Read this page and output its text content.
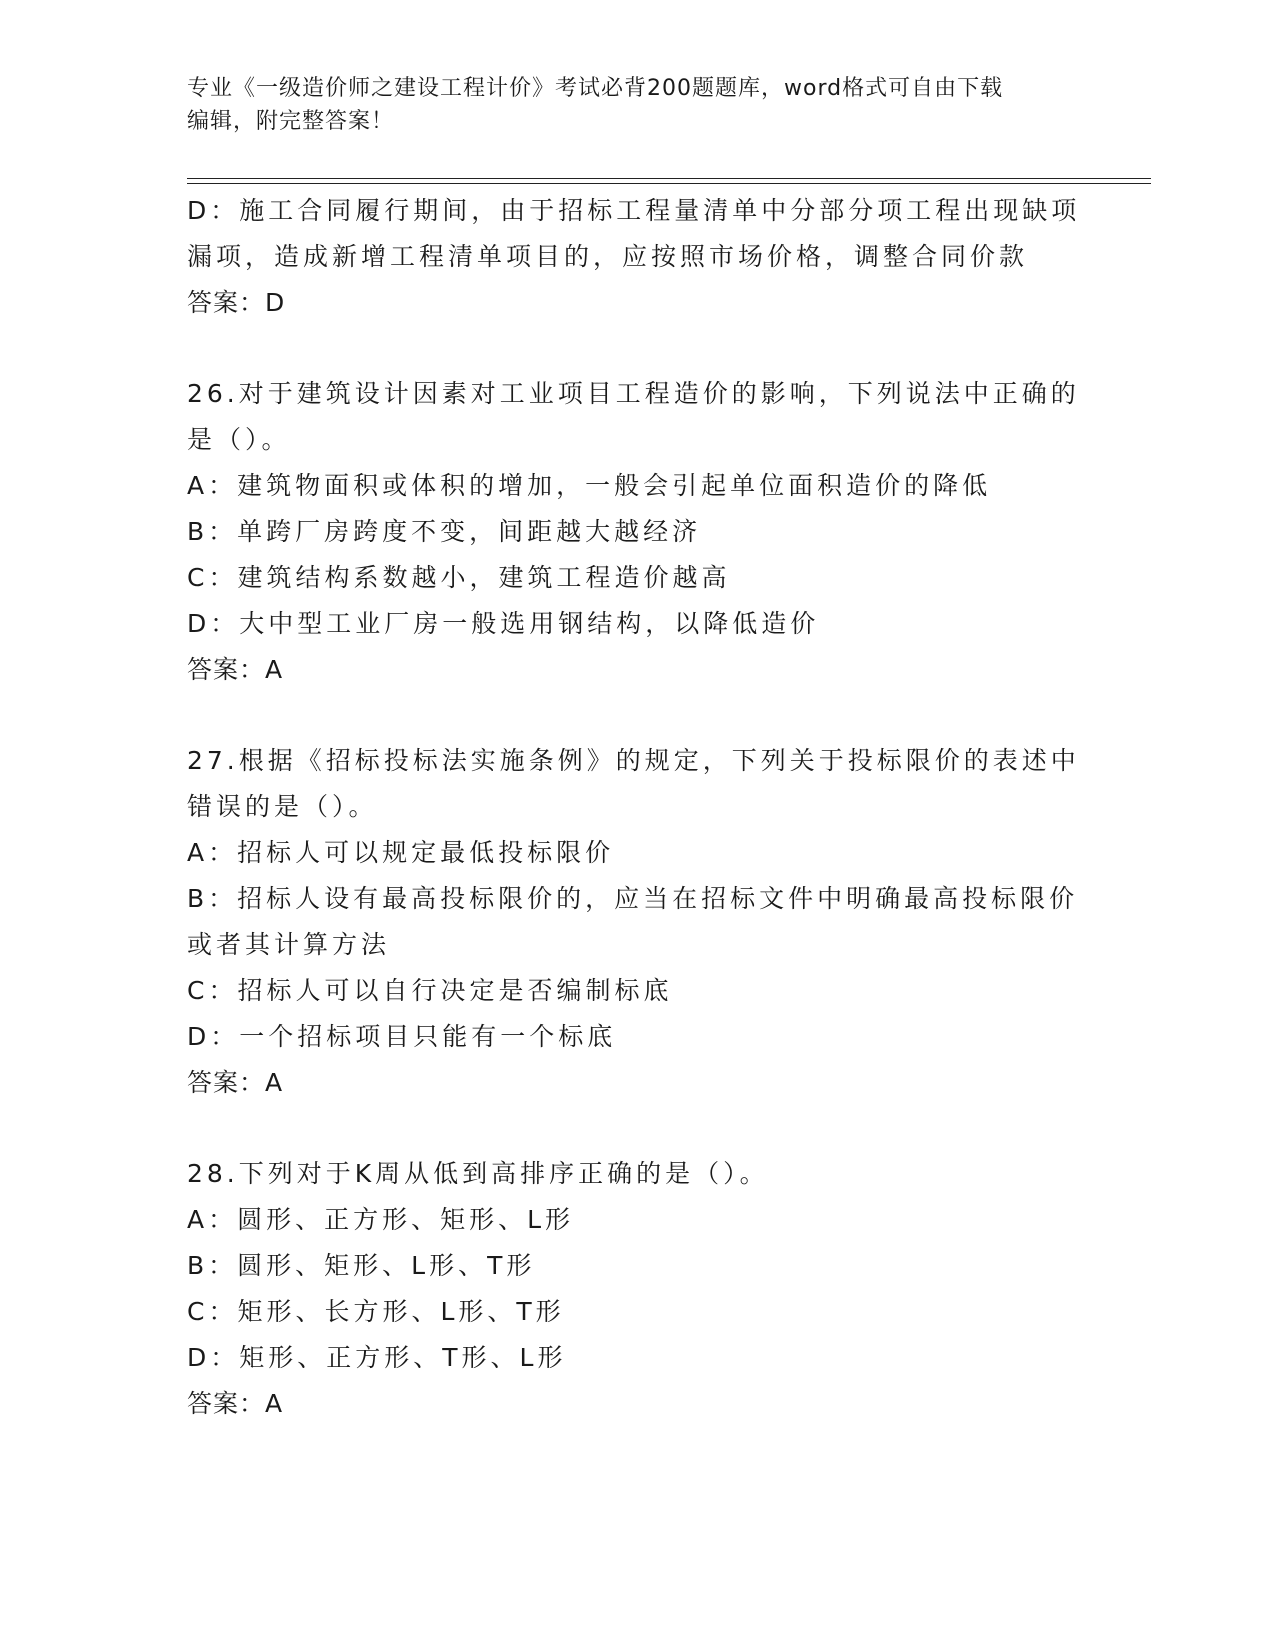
专业《一级造价师之建设工程计价》考试必背200题题库，word格式可自由下载
编辑，附完整答案！
D：施工合同履行期间，由于招标工程量清单中分部分项工程出现缺项
漏项，造成新增工程清单项目的，应按照市场价格，调整合同价款
答案：D
26.对于建筑设计因素对工业项目工程造价的影响，下列说法中正确的
是（）。
A：建筑物面积或体积的增加，一般会引起单位面积造价的降低
B：单跨厂房跨度不变，间距越大越经济
C：建筑结构系数越小，建筑工程造价越高
D：大中型工业厂房一般选用钢结构，以降低造价
答案：A
27.根据《招标投标法实施条例》的规定，下列关于投标限价的表述中
错误的是（）。
A：招标人可以规定最低投标限价
B：招标人设有最高投标限价的，应当在招标文件中明确最高投标限价
或者其计算方法
C：招标人可以自行决定是否编制标底
D：一个招标项目只能有一个标底
答案：A
28.下列对于K周从低到高排序正确的是（）。
A：圆形、正方形、矩形、L形
B：圆形、矩形、L形、T形
C：矩形、长方形、L形、T形
D：矩形、正方形、T形、L形
答案：A
